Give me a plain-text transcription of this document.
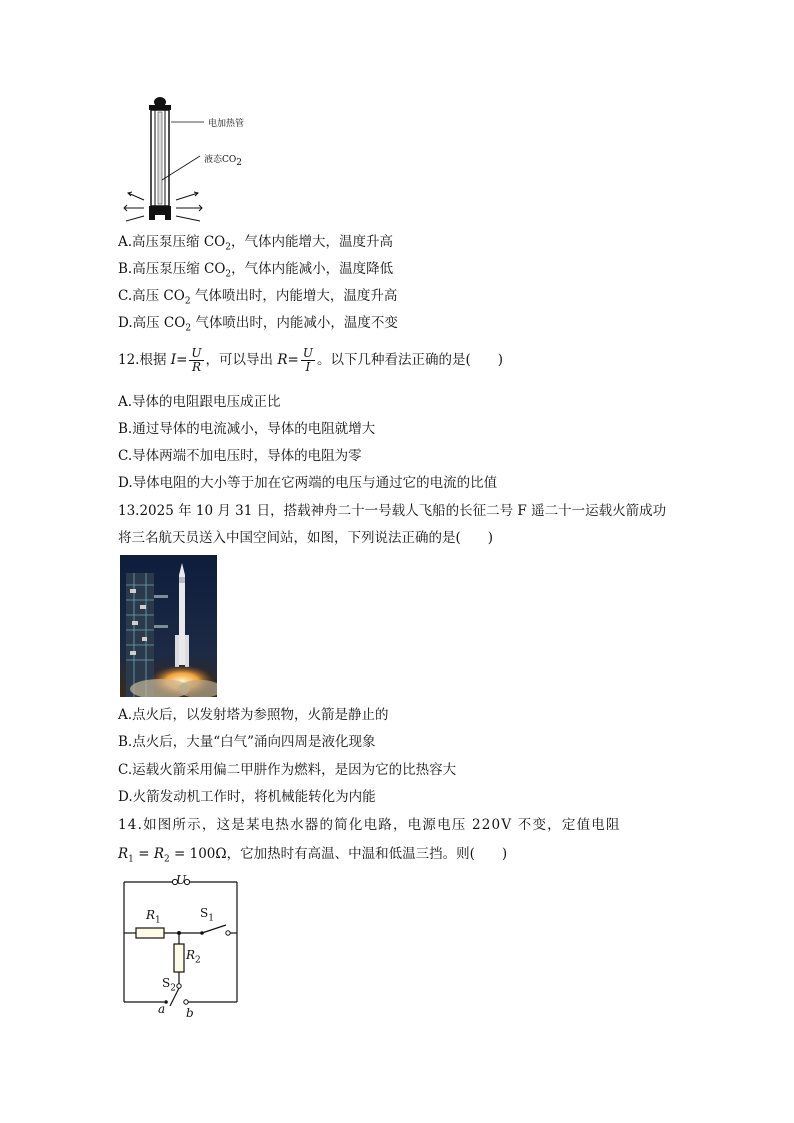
电加热管
液态$CO_2$
A.高压泵压缩 $CO_2$，气体内能增大，温度升高
B.高压泵压缩 $CO_2$，气体内能减小，温度降低
C.高压 $CO_2$ 气体喷出时，内能增大，温度升高
D.高压 $CO_2$ 气体喷出时，内能减小，温度不变
12.根据 $I= \frac{U}{R}$ ，可以导出 $R= \frac{U}{I}$ 。以下几种看法正确的是(　　)
A.导体的电阻跟电压成正比
B.通过导体的电流减小，导体的电阻就增大
C.导体两端不加电压时，导体的电阻为零
D.导体电阻的大小等于加在它两端的电压与通过它的电流的比值
13.2025 年 10 月 31 日，搭载神舟二十一号载人飞船的长征二号 F 遥二十一运载火箭成功
将三名航天员送入中国空间站，如图，下列说法正确的是(　　)
A.点火后，以发射塔为参照物，火箭是静止的
B.点火后，大量“白气”涌向四周是液化现象
C.运载火箭采用偏二甲肼作为燃料，是因为它的比热容大
D.火箭发动机工作时，将机械能转化为内能
14.如图所示，这是某电热水器的简化电路，电源电压 220V 不变，定值电阻
$R_1 = R_2 = 100\Omega$，它加热时有高温、中温和低温三挡。则(　　)
U
$R_1$
$S_1$
$R_2$
$S_2$
a b
